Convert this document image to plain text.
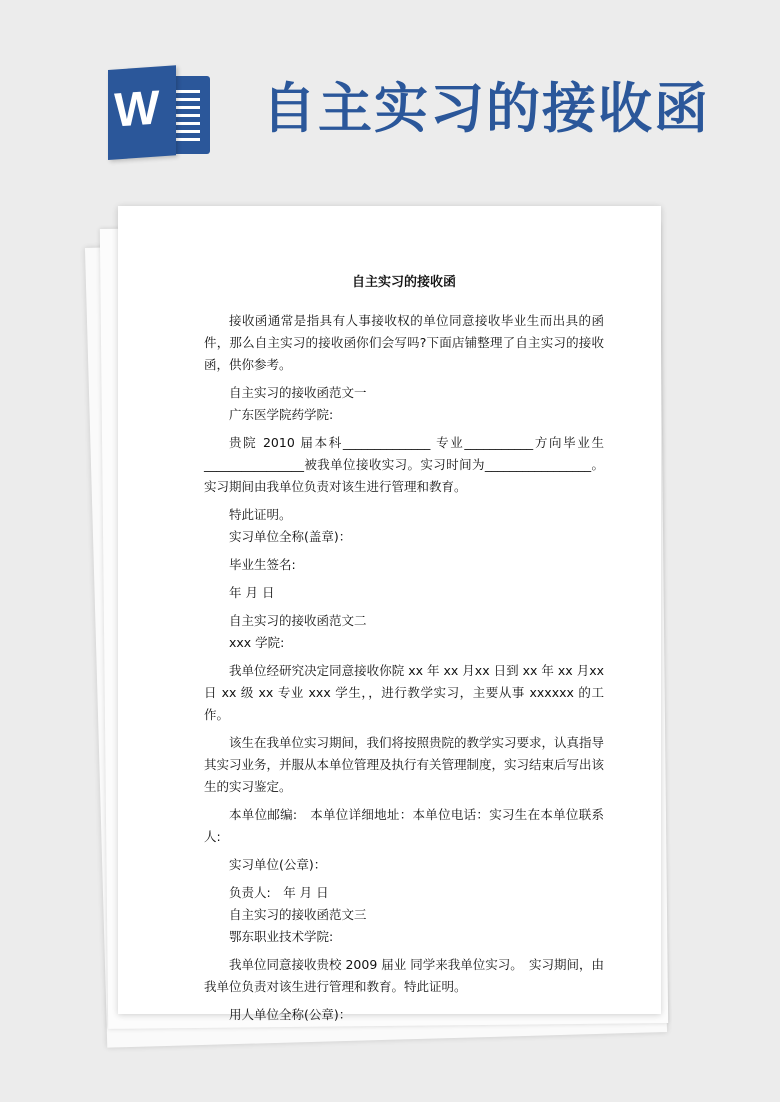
W 自主实习的接收函

自主实习的接收函

接收函通常是指具有人事接收权的单位同意接收毕业生而出具的函件，那么自主实习的接收函你们会写吗?下面店铺整理了自主实习的接收函，供你参考。

自主实习的接收函范文一

广东医学院药学院:

贵院 2010 届本科______________ 专业___________方向毕业生________________被我单位接收实习。实习时间为_________________。实习期间由我单位负责对该生进行管理和教育。

特此证明。

实习单位全称(盖章)：

毕业生签名:

年 月 日

自主实习的接收函范文二

xxx 学院:

我单位经研究决定同意接收你院 xx 年 xx 月xx 日到 xx 年 xx 月xx 日 xx 级 xx 专业 xxx 学生，，进行教学实习，主要从事 xxxxxx 的工作。

该生在我单位实习期间，我们将按照贵院的教学实习要求，认真指导其实习业务，并服从本单位管理及执行有关管理制度，实习结束后写出该生的实习鉴定。

本单位邮编:　本单位详细地址：本单位电话：实习生在本单位联系人:

实习单位(公章)：

负责人:　年 月 日

自主实习的接收函范文三

鄂东职业技术学院:

我单位同意接收贵校 2009 届业 同学来我单位实习。　实习期间，由我单位负责对该生进行管理和教育。特此证明。

用人单位全称(公章)：
